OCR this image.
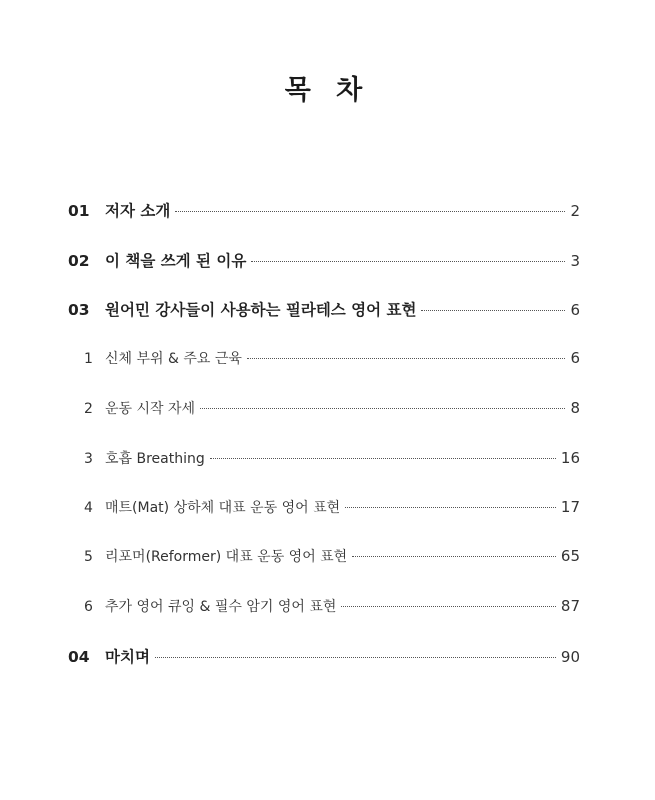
목 차
01 저자 소개	2
02 이 책을 쓰게 된 이유	3
03 원어민 강사들이 사용하는 필라테스 영어 표현	6
1 신체 부위 & 주요 근육	6
2 운동 시작 자세	8
3 호흡 Breathing	16
4 매트(Mat) 상하체 대표 운동 영어 표현	17
5 리포머(Reformer) 대표 운동 영어 표현	65
6 추가 영어 큐잉 & 필수 암기 영어 표현	87
04 마치며	90
